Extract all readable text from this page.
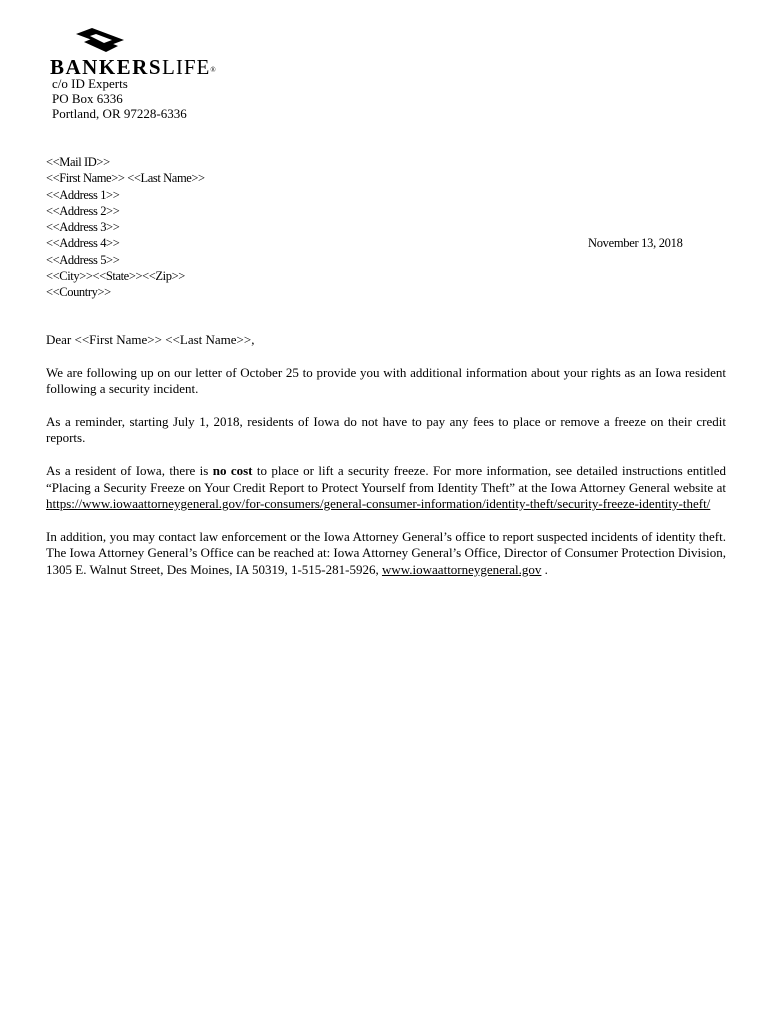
BANKERSLIFE®
c/o ID Experts
PO Box 6336
Portland, OR 97228-6336
<<Mail ID>>
<<First Name>> <<Last Name>>
<<Address 1>>
<<Address 2>>
<<Address 3>>
<<Address 4>>
<<Address 5>>
<<City>><<State>><<Zip>>
<<Country>>
November 13, 2018

Dear <<First Name>> <<Last Name>>,

We are following up on our letter of October 25 to provide you with additional information about your rights as an Iowa resident following a security incident.

As a reminder, starting July 1, 2018, residents of Iowa do not have to pay any fees to place or remove a freeze on their credit reports.

As a resident of Iowa, there is no cost to place or lift a security freeze. For more information, see detailed instructions entitled “Placing a Security Freeze on Your Credit Report to Protect Yourself from Identity Theft” at the Iowa Attorney General website at https://www.iowaattorneygeneral.gov/for-consumers/general-consumer-information/identity-theft/security-freeze-identity-theft/

In addition, you may contact law enforcement or the Iowa Attorney General’s office to report suspected incidents of identity theft. The Iowa Attorney General’s Office can be reached at: Iowa Attorney General’s Office, Director of Consumer Protection Division, 1305 E. Walnut Street, Des Moines, IA 50319, 1-515-281-5926, www.iowaattorneygeneral.gov .
